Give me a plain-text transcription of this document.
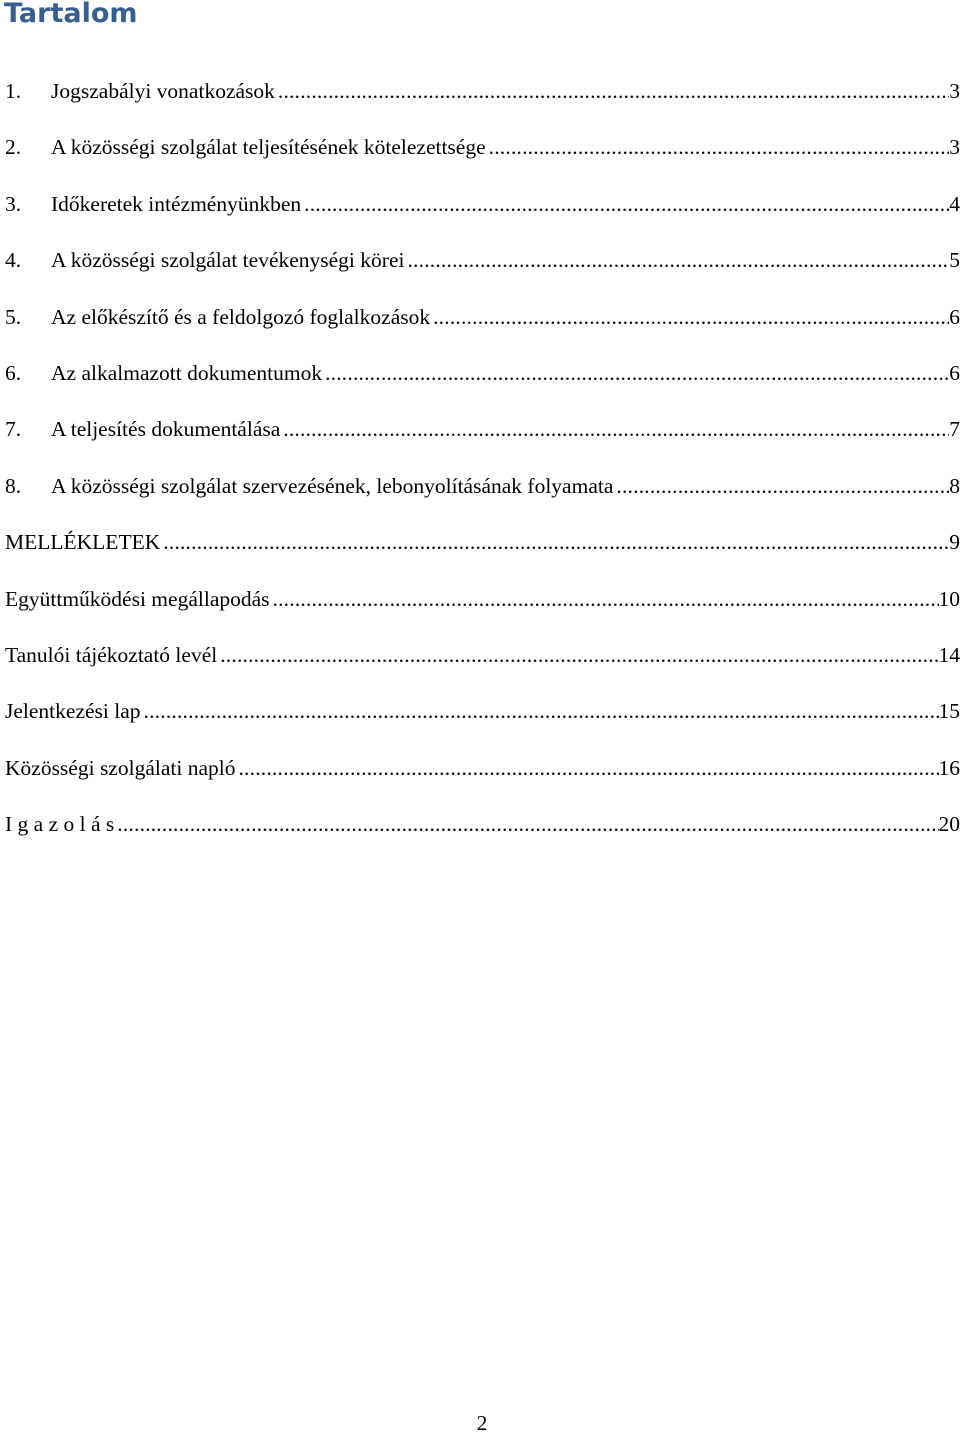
Tartalom
1.	Jogszabályi vonatkozások .....	3
2.	A közösségi szolgálat teljesítésének kötelezettsége .....	3
3.	Időkeretek intézményünkben .....	4
4.	A közösségi szolgálat tevékenységi körei .....	5
5.	Az előkészítő és a feldolgozó foglalkozások .....	6
6.	Az alkalmazott dokumentumok .....	6
7.	A teljesítés dokumentálása .....	7
8.	A közösségi szolgálat szervezésének, lebonyolításának folyamata .....	8
MELLÉKLETEK .....	9
Együttműködési megállapodás .....	10
Tanulói tájékoztató levél .....	14
Jelentkezési lap .....	15
Közösségi szolgálati napló .....	16
I g a z o l á s .....	20
2
